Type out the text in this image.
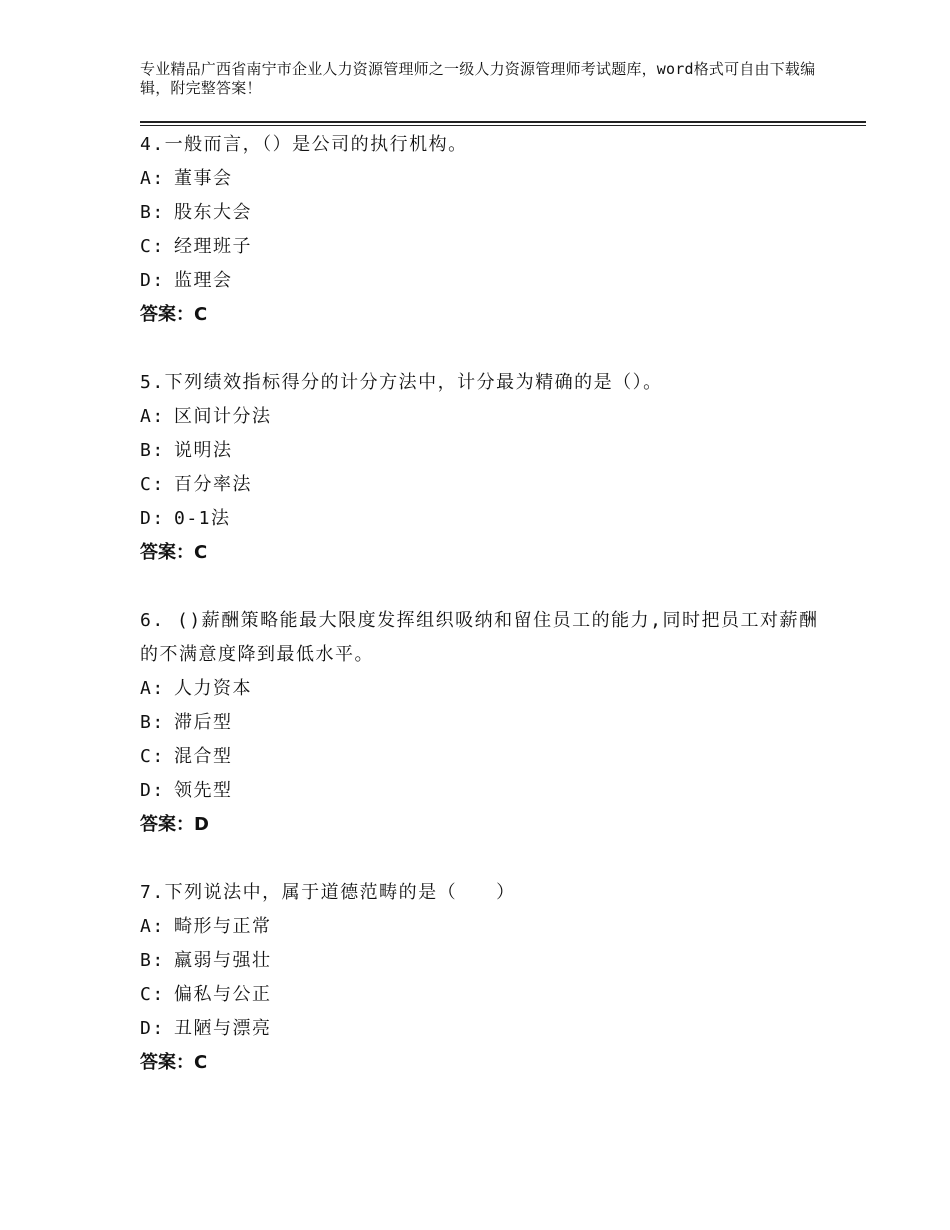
专业精品广西省南宁市企业人力资源管理师之一级人力资源管理师考试题库，word格式可自由下载编辑，附完整答案！
4.一般而言，（）是公司的执行机构。
A: 董事会
B: 股东大会
C: 经理班子
D: 监理会
答案：C
5.下列绩效指标得分的计分方法中，计分最为精确的是（）。
A: 区间计分法
B: 说明法
C: 百分率法
D: 0-1法
答案：C
6. ()薪酬策略能最大限度发挥组织吸纳和留住员工的能力,同时把员工对薪酬的不满意度降到最低水平。
A: 人力资本
B: 滞后型
C: 混合型
D: 领先型
答案：D
7.下列说法中，属于道德范畴的是（　　）
A: 畸形与正常
B: 羸弱与强壮
C: 偏私与公正
D: 丑陋与漂亮
答案：C
